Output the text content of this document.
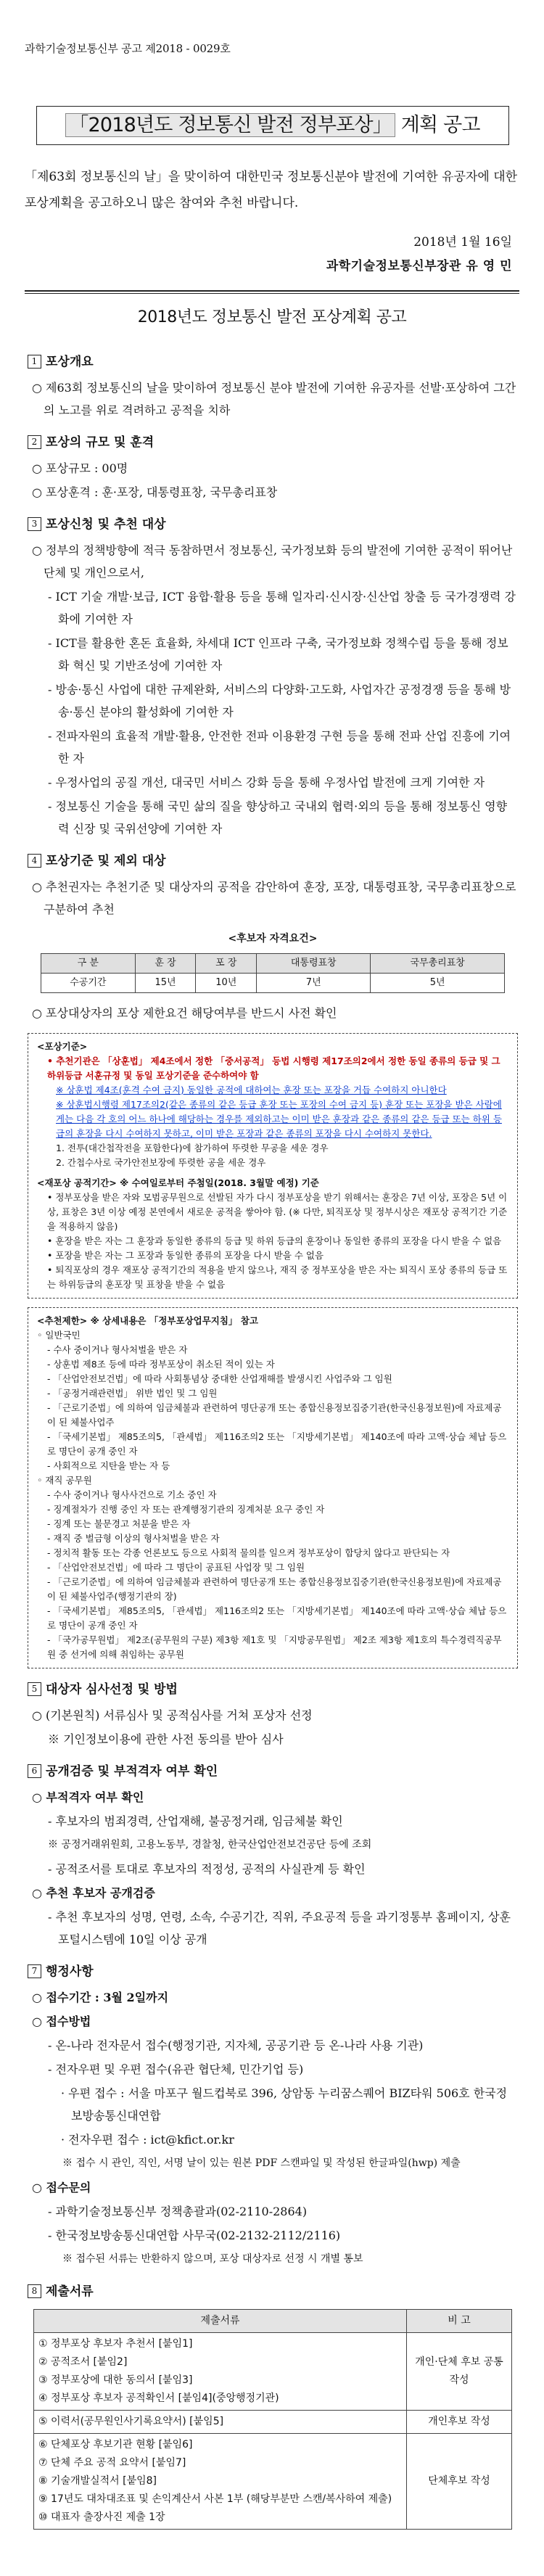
과학기술정보통신부 공고 제2018 - 0029호
「2018년도 정보통신 발전 정부포상」 계획 공고
「제63회 정보통신의 날」을 맞이하여 대한민국 정보통신분야 발전에 기여한 유공자에 대한 포상계획을 공고하오니 많은 참여와 추천 바랍니다.
2018년 1월 16일
과학기술정보통신부장관 유 영 민
2018년도 정보통신 발전 포상계획 공고
1 포상개요
○ 제63회 정보통신의 날을 맞이하여 정보통신 분야 발전에 기여한 유공자를 선발·포상하여 그간의 노고를 위로 격려하고 공적을 치하
2 포상의 규모 및 훈격
○ 포상규모 : 00명
○ 포상훈격 : 훈·포장, 대통령표창, 국무총리표창
3 포상신청 및 추천 대상
○ 정부의 정책방향에 적극 동참하면서 정보통신, 국가정보화 등의 발전에 기여한 공적이 뛰어난 단체 및 개인으로서,
- ICT 기술 개발·보급, ICT 융합·활용 등을 통해 일자리·신시장·신산업 창출 등 국가경쟁력 강화에 기여한 자
- ICT를 활용한 혼돈 효율화, 차세대 ICT 인프라 구축, 국가정보화 정책수립 등을 통해 정보화 혁신 및 기반조성에 기여한 자
- 방송·통신 사업에 대한 규제완화, 서비스의 다양화·고도화, 사업자간 공정경쟁 등을 통해 방송·통신 분야의 활성화에 기여한 자
- 전파자원의 효율적 개발·활용, 안전한 전파 이용환경 구현 등을 통해 전파 산업 진흥에 기여한 자
- 우정사업의 공질 개선, 대국민 서비스 강화 등을 통해 우정사업 발전에 크게 기여한 자
- 정보통신 기술을 통해 국민 삶의 질을 향상하고 국내외 협력·외의 등을 통해 정보통신 영향력 신장 및 국위선양에 기여한 자
4 포상기준 및 제외 대상
○ 추천권자는 추천기준 및 대상자의 공적을 감안하여 훈장, 포장, 대통령표창, 국무총리표창으로 구분하여 추천
<후보자 자격요건>
구 분	훈 장	포 장	대통령표창	국무총리표창
수공기간	15년	10년	7년	5년
○ 포상대상자의 포상 제한요건 해당여부를 반드시 사전 확인

<포상기준>

• 추천기관은 「상훈법」 제4조에서 정한 「중서공적」 등법 시행령 제17조의2에서 정한 동일 종류의 등급 및 그 하위등급 서훈규정 및 동일 포상기준을 준수하여야 함

※ 상훈법 제4조(훈격 수여 금지) 동일한 공적에 대하여는 훈장 또는 포장을 거듭 수여하지 아니한다

※ 상훈법시행령 제17조의2(같은 종류의 같은 등급 훈장 또는 포장의 수여 금지 등) 훈장 또는 포장을 받은 사람에게는 다음 각 호의 어느 하나에 해당하는 경우를 제외하고는 이미 받은 훈장과 같은 종류의 같은 등급 또는 하위 등급의 훈장을 다시 수여하지 못하고, 이미 받은 포장과 같은 종류의 포장을 다시 수여하지 못한다.

1. 전투(대간첩작전을 포함한다)에 참가하여 뚜렷한 무공을 세운 경우

2. 간첩수사로 국가안전보장에 뚜렷한 공을 세운 경우

<재포상 공적기간> ※ 수여일로부터 주첨일(2018. 3월말 예정) 기준

• 정부포상을 받은 자와 모범공무원으로 선발된 자가 다시 정부포상을 받기 위해서는 훈장은 7년 이상, 포장은 5년 이상, 표창은 3년 이상 예정 본연에서 새로운 공적을 쌓아야 함. (※ 다만, 퇴직포상 및 정부시상은 재포상 공적기간 기준을 적용하지 않음)

• 훈장을 받은 자는 그 훈장과 동일한 종류의 등급 및 하위 등급의 훈장이나 동일한 종류의 포장을 다시 받을 수 없음

• 포장을 받은 자는 그 포장과 동일한 종류의 포장을 다시 받을 수 없음

• 퇴직포상의 경우 재포상 공적기간의 적용을 받지 않으나, 재직 중 정부포상을 받은 자는 퇴직시 포상 종류의 등급 또는 하위등급의 훈포장 및 표창을 받을 수 없음

<추천제한> ※ 상세내용은 「정부포상업무지침」 참고

◦ 일반국민

- 수사 중이거나 형사처벌을 받은 자

- 상훈법 제8조 등에 따라 정부포상이 취소된 적이 있는 자

- 「산업안전보건법」에 따라 사회통념상 중대한 산업재해를 발생시킨 사업주와 그 임원

- 「공정거래관련법」 위반 법인 및 그 임원

- 「근로기준법」에 의하여 임금체불과 관련하여 명단공개 또는 종합신용정보집중기관(한국신용정보원)에 자료제공이 된 체불사업주

- 「국세기본법」 제85조의5, 「관세법」 제116조의2 또는 「지방세기본법」 제140조에 따라 고액·상습 체납 등으로 명단이 공개 중인 자

- 사회적으로 지탄을 받는 자 등

◦ 재직 공무원

- 수사 중이거나 형사사건으로 기소 중인 자

- 징계절차가 진행 중인 자 또는 관계행정기관의 징계처분 요구 중인 자

- 징계 또는 불문경고 처분을 받은 자

- 재직 중 벌금형 이상의 형사처벌을 받은 자

- 정치적 활동 또는 각종 언론보도 등으로 사회적 물의를 일으켜 정부포상이 합당치 않다고 판단되는 자

- 「산업안전보건법」에 따라 그 명단이 공표된 사업장 및 그 임원

- 「근로기준법」에 의하여 임금체불과 관련하여 명단공개 또는 종합신용정보집중기관(한국신용정보원)에 자료제공이 된 체불사업주(행정기관의 장)

- 「국세기본법」 제85조의5, 「관세법」 제116조의2 또는 「지방세기본법」 제140조에 따라 고액·상습 체납 등으로 명단이 공개 중인 자

- 「국가공무원법」 제2조(공무원의 구분) 제3항 제1호 및 「지방공무원법」 제2조 제3항 제1호의 특수경력직공무원 중 선거에 의해 취임하는 공무원

5 대상자 심사선정 및 방법
○ (기본원칙) 서류심사 및 공적심사를 거쳐 포상자 선정
※ 기인정보이용에 관한 사전 동의를 받아 심사
6 공개검증 및 부적격자 여부 확인
○ 부적격자 여부 확인
- 후보자의 범죄경력, 산업재해, 불공정거래, 임금체불 확인
※ 공정거래위원회, 고용노동부, 경찰청, 한국산업안전보건공단 등에 조회
- 공적조서를 토대로 후보자의 적정성, 공적의 사실관계 등 확인
○ 추천 후보자 공개검증
- 추천 후보자의 성명, 연령, 소속, 수공기간, 직위, 주요공적 등을 과기정통부 홈페이지, 상훈포털시스템에 10일 이상 공개
7 행정사항
○ 접수기간 : 3월 2일까지
○ 접수방법
- 온-나라 전자문서 접수(행정기관, 지자체, 공공기관 등 온-나라 사용 기관)
- 전자우편 및 우편 접수(유관 협단체, 민간기업 등)
· 우편 접수 : 서울 마포구 월드컵북로 396, 상암동 누리꿈스퀘어 BIZ타워 506호 한국정보방송통신대연합
· 전자우편 접수 : ict@kfict.or.kr
※ 접수 시 관인, 직인, 서명 날이 있는 원본 PDF 스캔파일 및 작성된 한글파일(hwp) 제출
○ 접수문의
- 과학기술정보통신부 정책총괄과(02-2110-2864)
- 한국정보방송통신대연합 사무국(02-2132-2112/2116)
※ 접수된 서류는 반환하지 않으며, 포상 대상자로 선정 시 개별 통보
8 제출서류
제출서류	비 고

① 정부포상 후보자 추천서 [붙임1]
② 공적조서 [붙임2]
③ 정부포상에 대한 동의서 [붙임3]
④ 정부포상 후보자 공적확인서 [붙임4](중앙행정기관)	개인·단체 후보 공통 작성
⑤ 이력서(공무원인사기록요약서) [붙임5]	개인후보 작성

⑥ 단체포상 후보기관 현황 [붙임6]
⑦ 단체 주요 공적 요약서 [붙임7]
⑧ 기술개발실적서 [붙임8]
⑨ 17년도 대차대조표 및 손익계산서 사본 1부 (해당부분만 스캔/복사하여 제출)
⑩ 대표자 출장사진 제출 1장	단체후보 작성
